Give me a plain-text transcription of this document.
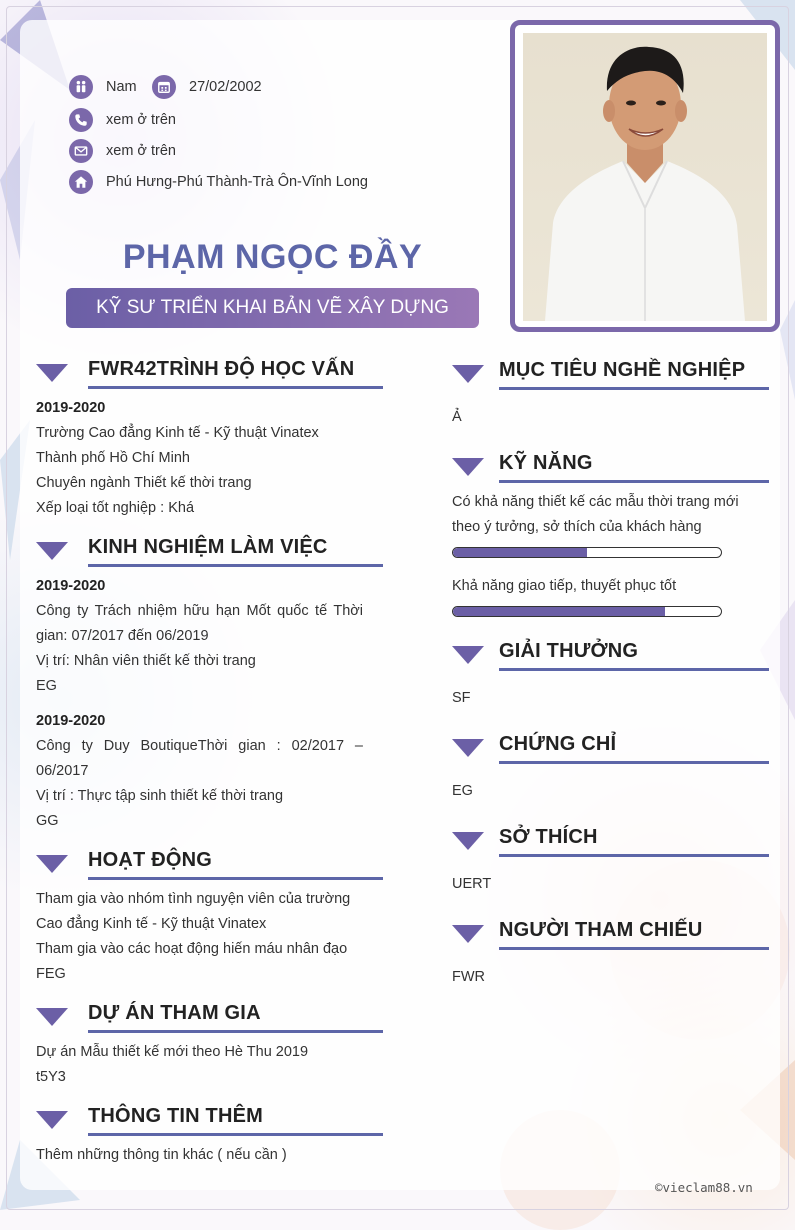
Nam	27/02/2002
xem ở trên
xem ở trên
Phú Hưng-Phú Thành-Trà Ôn-Vĩnh Long
PHẠM NGỌC ĐẦY
KỸ SƯ TRIỂN KHAI BẢN VẼ XÂY DỰNG
FWR42TRÌNH ĐỘ HỌC VẤN
2019-2020
Trường Cao đẳng Kinh tế - Kỹ thuật Vinatex
Thành phố Hồ Chí Minh
Chuyên ngành Thiết kế thời trang
Xếp loại tốt nghiệp : Khá
KINH NGHIỆM LÀM VIỆC
2019-2020
Công ty Trách nhiệm hữu hạn Mốt quốc tế Thời gian: 07/2017 đến 06/2019
Vị trí: Nhân viên thiết kế thời trang
EG
2019-2020
Công ty Duy BoutiqueThời gian : 02/2017 – 06/2017
Vị trí : Thực tập sinh thiết kế thời trang
GG
HOẠT ĐỘNG
Tham gia vào nhóm tình nguyện viên của trường Cao đẳng Kinh tế - Kỹ thuật Vinatex
Tham gia vào các hoạt động hiến máu nhân đạo
FEG
DỰ ÁN THAM GIA
Dự án Mẫu thiết kế mới theo Hè Thu 2019
t5Y3
THÔNG TIN THÊM
Thêm những thông tin khác ( nếu cần )
MỤC TIÊU NGHỀ NGHIỆP
Ả
KỸ NĂNG
Có khả năng thiết kế các mẫu thời trang mới theo ý tưởng, sở thích của khách hàng
Khả năng giao tiếp, thuyết phục tốt
GIẢI THƯỞNG
SF
CHỨNG CHỈ
EG
SỞ THÍCH
UERT
NGƯỜI THAM CHIẾU
FWR
©vieclam88.vn
